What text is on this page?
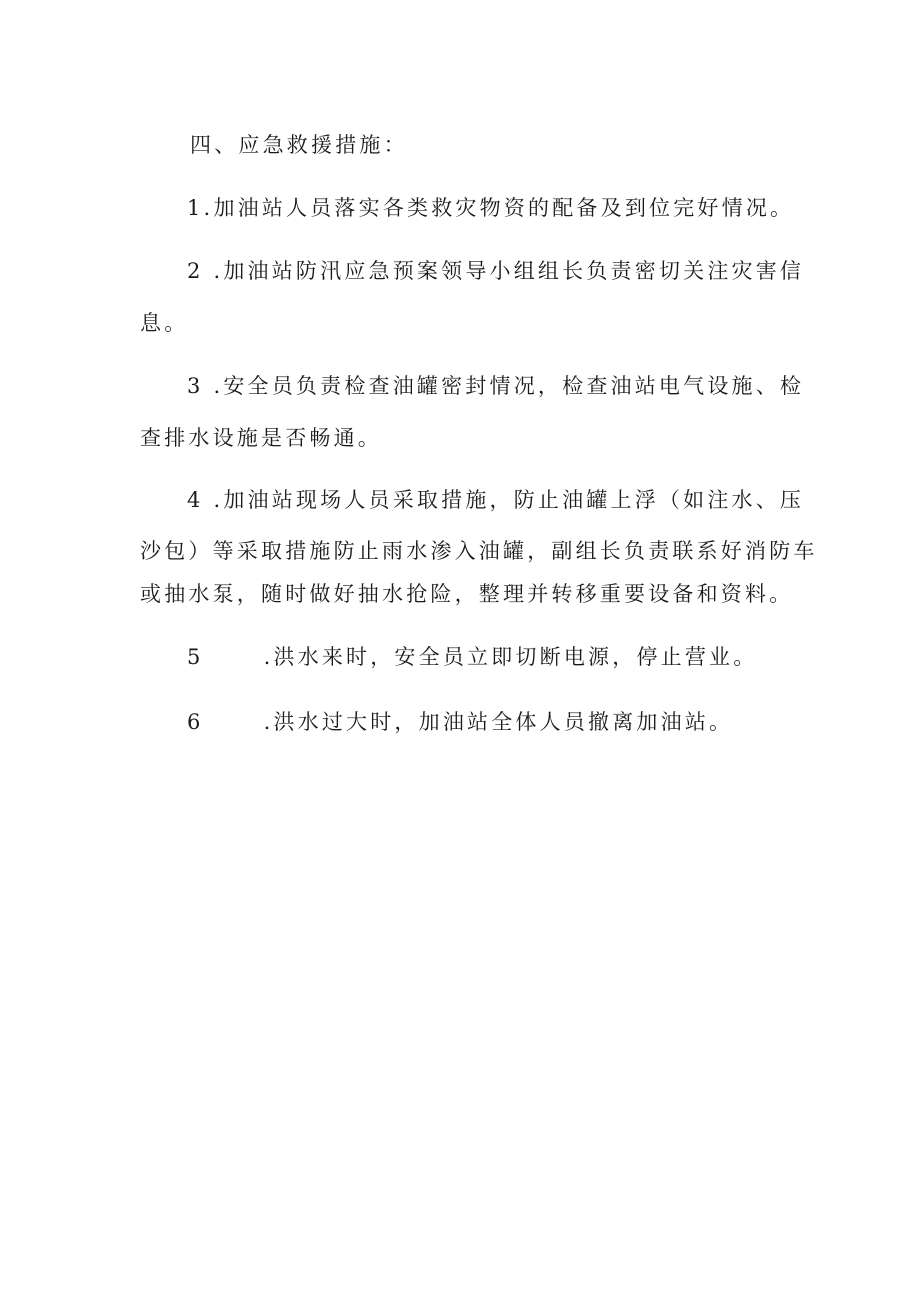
四、应急救援措施：
1.加油站人员落实各类救灾物资的配备及到位完好情况。
2 .加油站防汛应急预案领导小组组长负责密切关注灾害信
息。
3 .安全员负责检查油罐密封情况，检查油站电气设施、检
查排水设施是否畅通。
4 .加油站现场人员采取措施，防止油罐上浮（如注水、压
沙包）等采取措施防止雨水渗入油罐，副组长负责联系好消防车
或抽水泵，随时做好抽水抢险，整理并转移重要设备和资料。
5	.洪水来时，安全员立即切断电源，停止营业。
6	.洪水过大时，加油站全体人员撤离加油站。
